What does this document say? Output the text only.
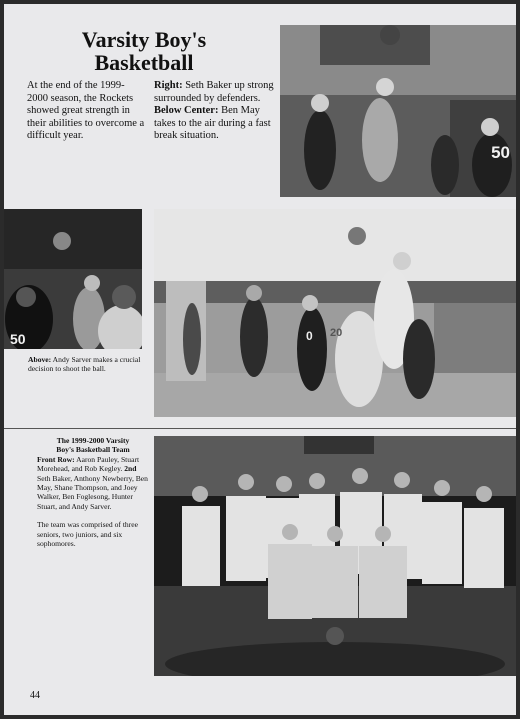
Varsity Boy's
Basketball
At the end of the 1999-2000 season, the Rockets showed great strength in their abilities to overcome a difficult year.
Right: Seth Baker up strong surrounded by defenders.
Below Center: Ben May takes to the air during a fast break situation.
50
50
Above: Andy Sarver makes a crucial decision to shoot the ball.
0 20
The 1999-2000 Varsity
Boy's Basketball Team
Front Row: Aaron Pauley, Stuart Morehead, and Rob Kegley. 2nd Seth Baker, Anthony Newberry, Ben May, Shane Thompson, and Joey Walker, Ben Foglesong, Hunter Stuart, and Andy Sarver.
The team was comprised of three seniors, two juniors, and six sophomores.
44
